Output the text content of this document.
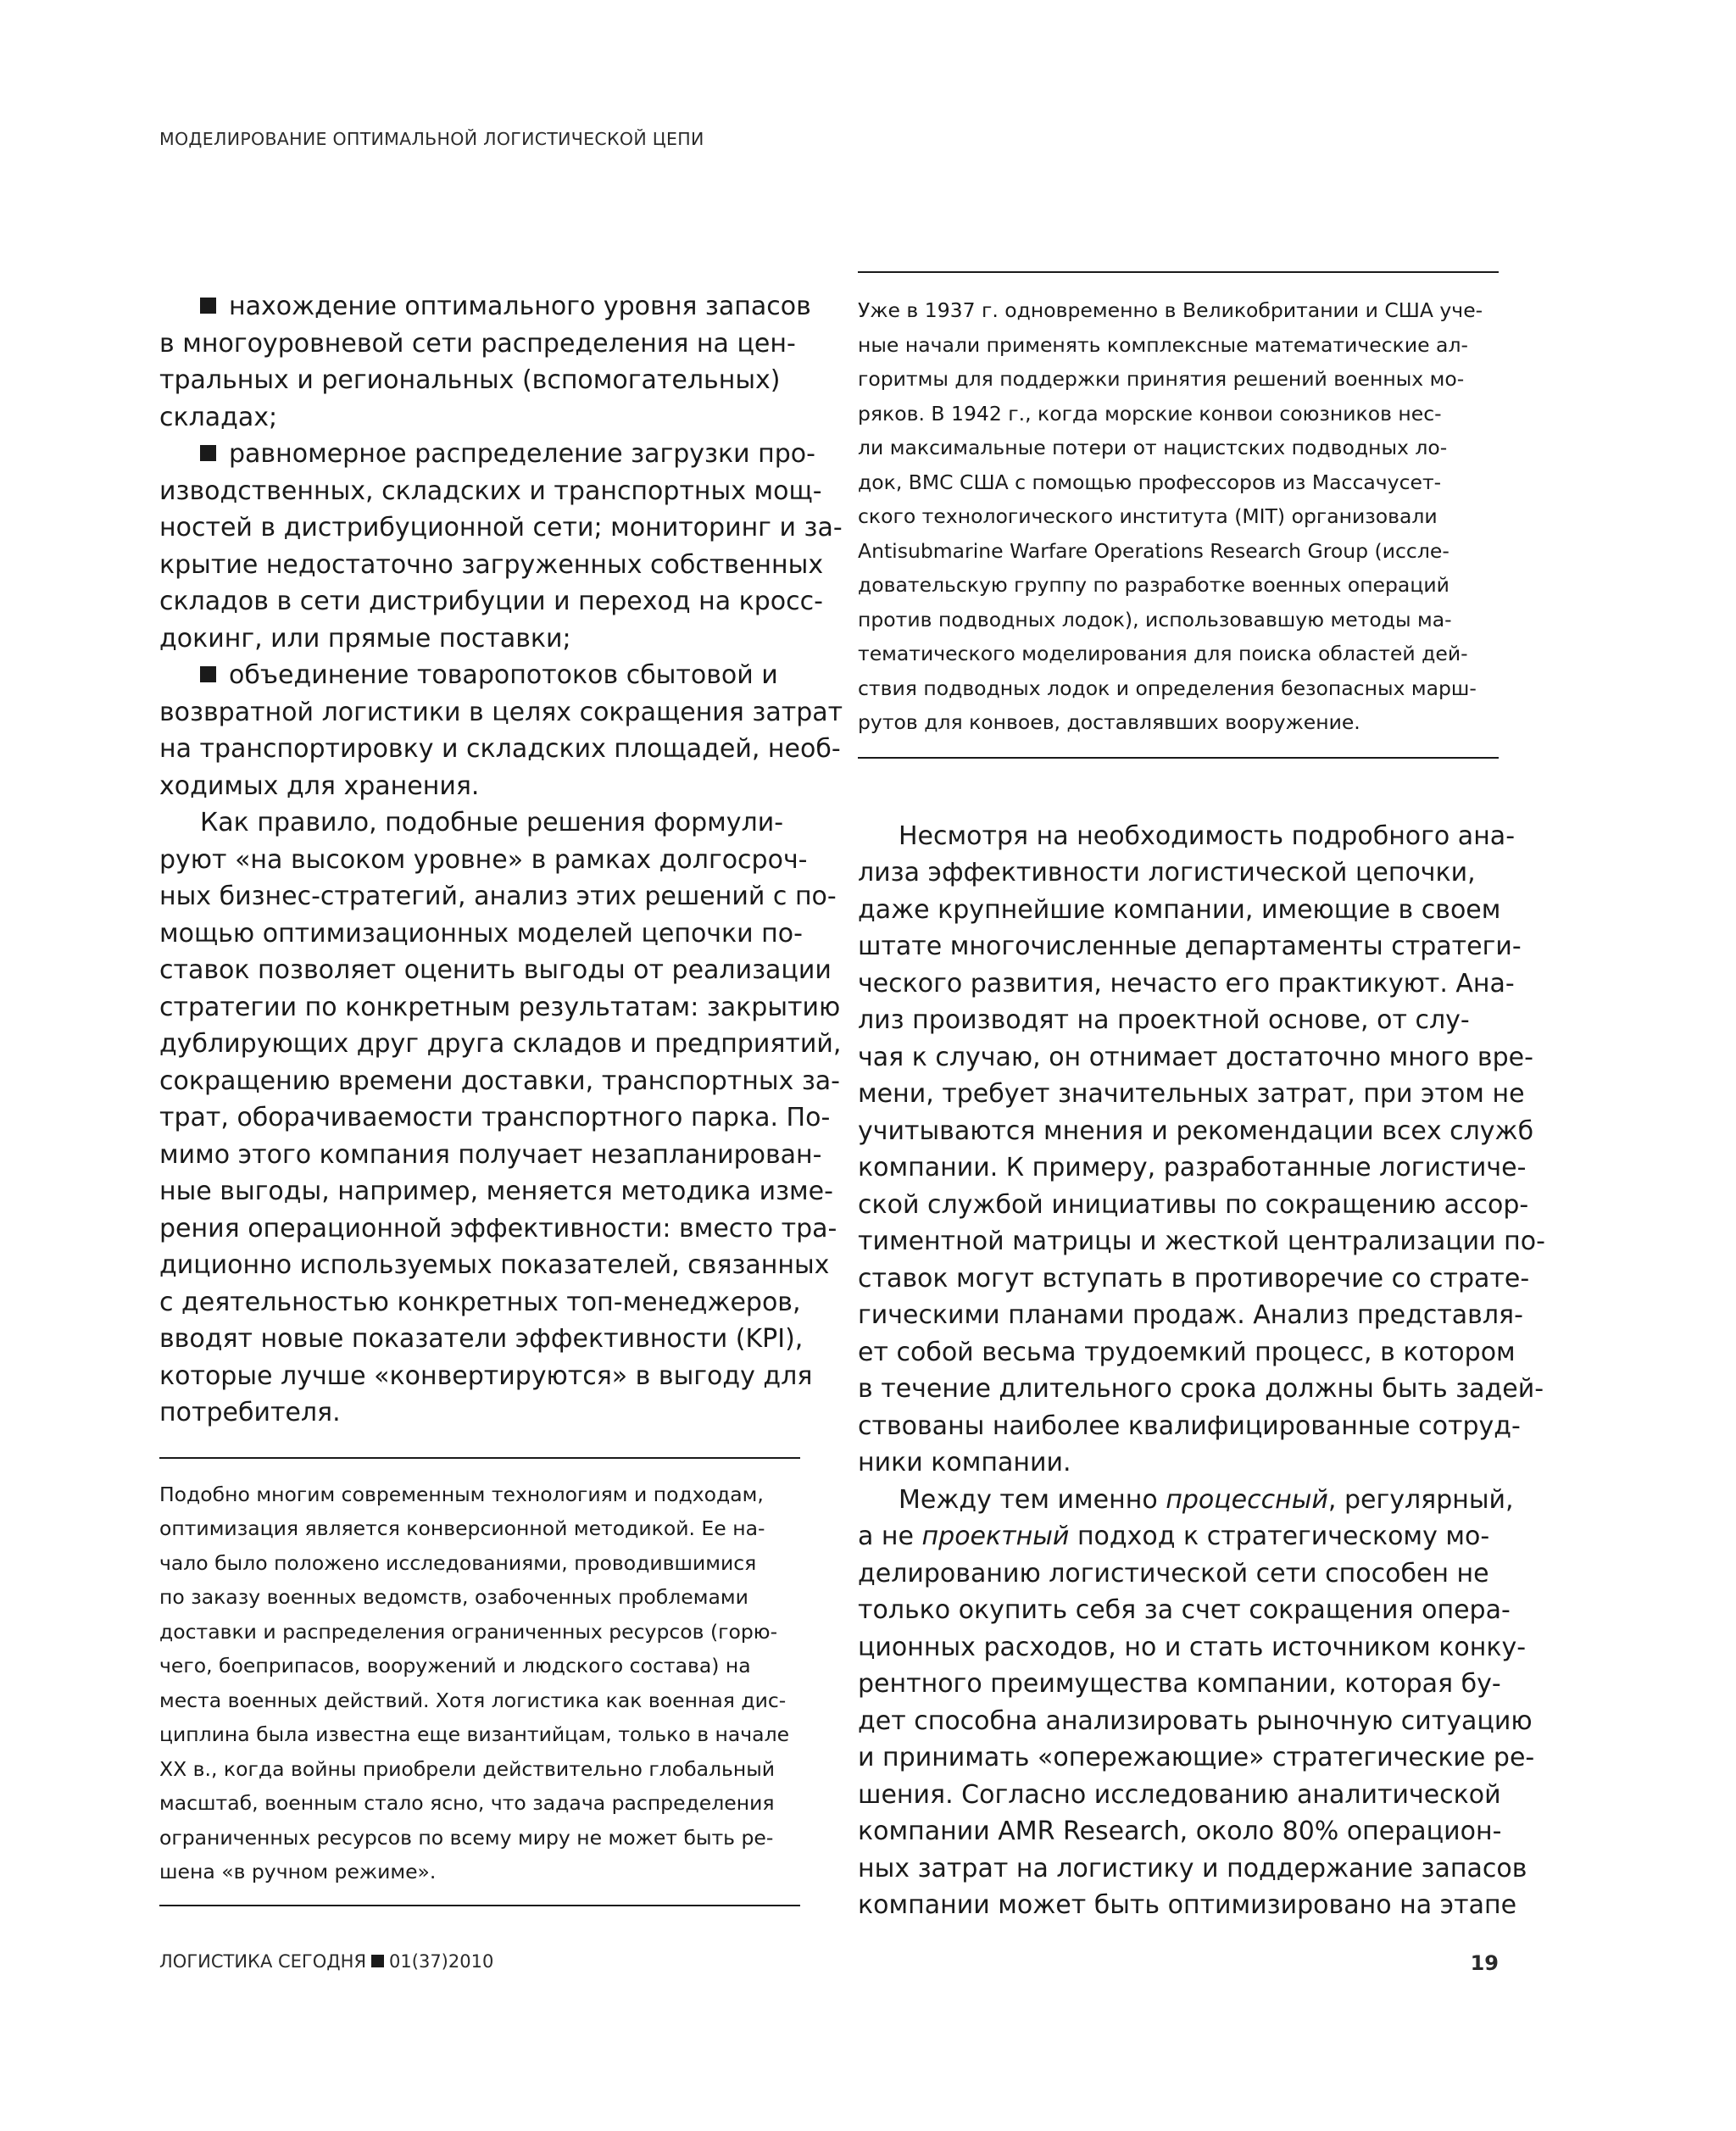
МОДЕЛИРОВАНИЕ ОПТИМАЛЬНОЙ ЛОГИСТИЧЕСКОЙ ЦЕПИ
нахождение оптимального уровня запасов
в многоуровневой сети распределения на цен-
тральных и региональных (вспомогательных)
складах;
равномерное распределение загрузки про-
изводственных, складских и транспортных мощ-
ностей в дистрибуционной сети; мониторинг и за-
крытие недостаточно загруженных собственных
складов в сети дистрибуции и переход на кросс-
докинг, или прямые поставки;
объединение товаропотоков сбытовой и
возвратной логистики в целях сокращения затрат
на транспортировку и складских площадей, необ-
ходимых для хранения.
Как правило, подобные решения формули-
руют «на высоком уровне» в рамках долгосроч-
ных бизнес-стратегий, анализ этих решений с по-
мощью оптимизационных моделей цепочки по-
ставок позволяет оценить выгоды от реализации
стратегии по конкретным результатам: закрытию
дублирующих друг друга складов и предприятий,
сокращению времени доставки, транспортных за-
трат, оборачиваемости транспортного парка. По-
мимо этого компания получает незапланирован-
ные выгоды, например, меняется методика изме-
рения операционной эффективности: вместо тра-
диционно используемых показателей, связанных
с деятельностью конкретных топ-менеджеров,
вводят новые показатели эффективности (KPI),
которые лучше «конвертируются» в выгоду для
потребителя.
Подобно многим современным технологиям и подходам,
оптимизация является конверсионной методикой. Ее на-
чало было положено исследованиями, проводившимися
по заказу военных ведомств, озабоченных проблемами
доставки и распределения ограниченных ресурсов (горю-
чего, боеприпасов, вооружений и людского состава) на
места военных действий. Хотя логистика как военная дис-
циплина была известна еще византийцам, только в начале
XX в., когда войны приобрели действительно глобальный
масштаб, военным стало ясно, что задача распределения
ограниченных ресурсов по всему миру не может быть ре-
шена «в ручном режиме».
Уже в 1937 г. одновременно в Великобритании и США уче-
ные начали применять комплексные математические ал-
горитмы для поддержки принятия решений военных мо-
ряков. В 1942 г., когда морские конвои союзников нес-
ли максимальные потери от нацистских подводных ло-
док, ВМС США с помощью профессоров из Массачусет-
ского технологического института (MIT) организовали
Antisubmarine Warfare Operations Research Group (иссле-
довательскую группу по разработке военных операций
против подводных лодок), использовавшую методы ма-
тематического моделирования для поиска областей дей-
ствия подводных лодок и определения безопасных марш-
рутов для конвоев, доставлявших вооружение.
Несмотря на необходимость подробного ана-
лиза эффективности логистической цепочки,
даже крупнейшие компании, имеющие в своем
штате многочисленные департаменты стратеги-
ческого развития, нечасто его практикуют. Ана-
лиз производят на проектной основе, от слу-
чая к случаю, он отнимает достаточно много вре-
мени, требует значительных затрат, при этом не
учитываются мнения и рекомендации всех служб
компании. К примеру, разработанные логистиче-
ской службой инициативы по сокращению ассор-
тиментной матрицы и жесткой централизации по-
ставок могут вступать в противоречие со страте-
гическими планами продаж. Анализ представля-
ет собой весьма трудоемкий процесс, в котором
в течение длительного срока должны быть задей-
ствованы наиболее квалифицированные сотруд-
ники компании.
Между тем именно процессный, регулярный,
а не проектный подход к стратегическому мо-
делированию логистической сети способен не
только окупить себя за счет сокращения опера-
ционных расходов, но и стать источником конку-
рентного преимущества компании, которая бу-
дет способна анализировать рыночную ситуацию
и принимать «опережающие» стратегические ре-
шения. Согласно исследованию аналитической
компании AMR Research, около 80% операцион-
ных затрат на логистику и поддержание запасов
компании может быть оптимизировано на этапе
ЛОГИСТИКА СЕГОДНЯ 01(37)2010	19
